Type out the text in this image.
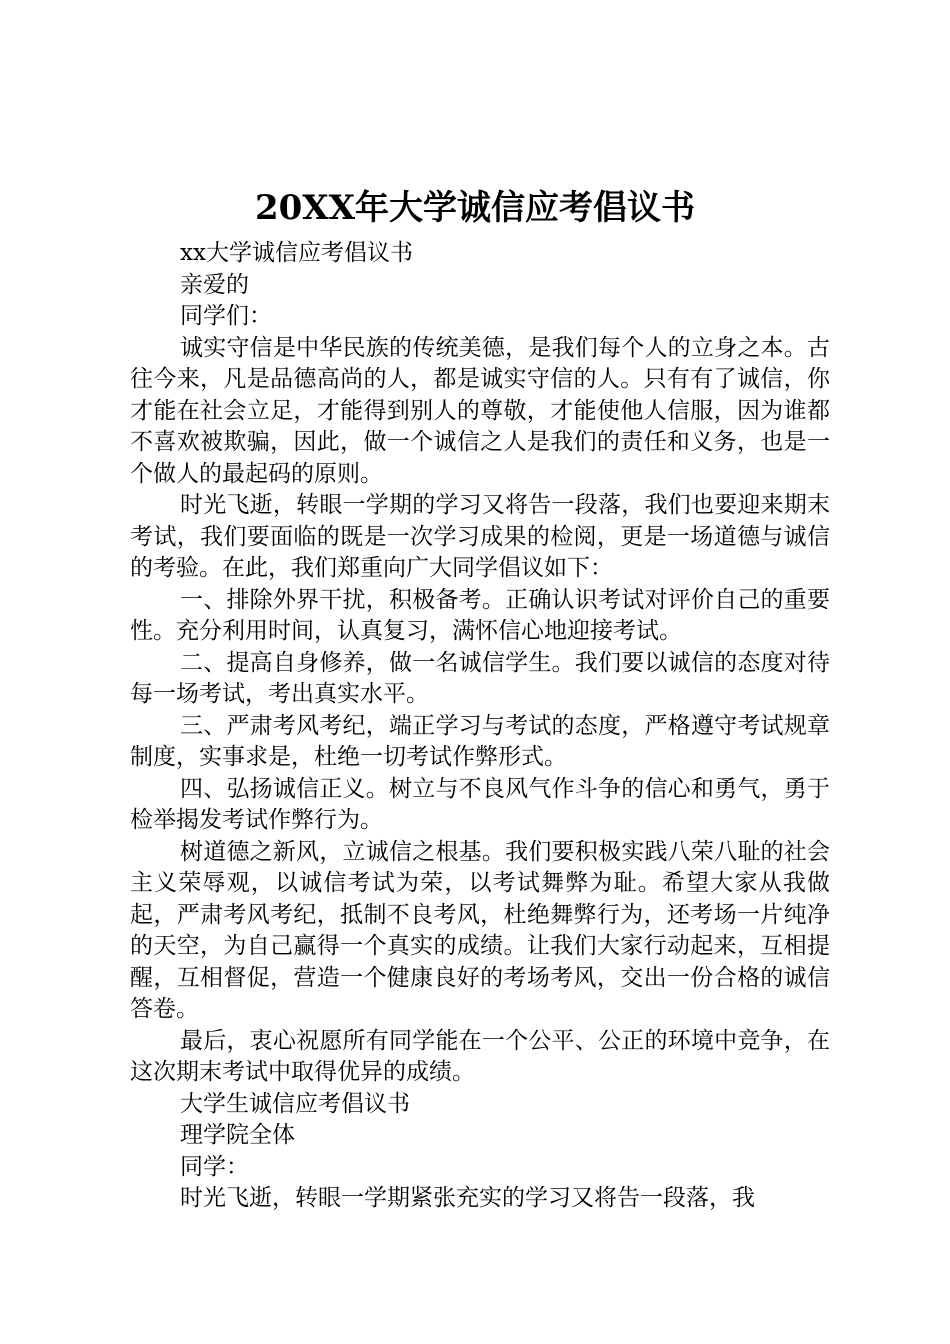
20XX年大学诚信应考倡议书

xx大学诚信应考倡议书

亲爱的

同学们：

诚实守信是中华民族的传统美德，是我们每个人的立身之本。古往今来，凡是品德高尚的人，都是诚实守信的人。只有有了诚信，你才能在社会立足，才能得到别人的尊敬，才能使他人信服，因为谁都不喜欢被欺骗，因此，做一个诚信之人是我们的责任和义务，也是一个做人的最起码的原则。

时光飞逝，转眼一学期的学习又将告一段落，我们也要迎来期末考试，我们要面临的既是一次学习成果的检阅，更是一场道德与诚信的考验。在此，我们郑重向广大同学倡议如下：

一、排除外界干扰，积极备考。正确认识考试对评价自己的重要性。充分利用时间，认真复习，满怀信心地迎接考试。

二、提高自身修养，做一名诚信学生。我们要以诚信的态度对待每一场考试，考出真实水平。

三、严肃考风考纪，端正学习与考试的态度，严格遵守考试规章制度，实事求是，杜绝一切考试作弊形式。

四、弘扬诚信正义。树立与不良风气作斗争的信心和勇气，勇于检举揭发考试作弊行为。

树道德之新风，立诚信之根基。我们要积极实践八荣八耻的社会主义荣辱观，以诚信考试为荣，以考试舞弊为耻。希望大家从我做起，严肃考风考纪，抵制不良考风，杜绝舞弊行为，还考场一片纯净的天空，为自己赢得一个真实的成绩。让我们大家行动起来，互相提醒，互相督促，营造一个健康良好的考场考风，交出一份合格的诚信答卷。

最后，衷心祝愿所有同学能在一个公平、公正的环境中竞争，在这次期末考试中取得优异的成绩。

大学生诚信应考倡议书

理学院全体

同学：

时光飞逝，转眼一学期紧张充实的学习又将告一段落，我
